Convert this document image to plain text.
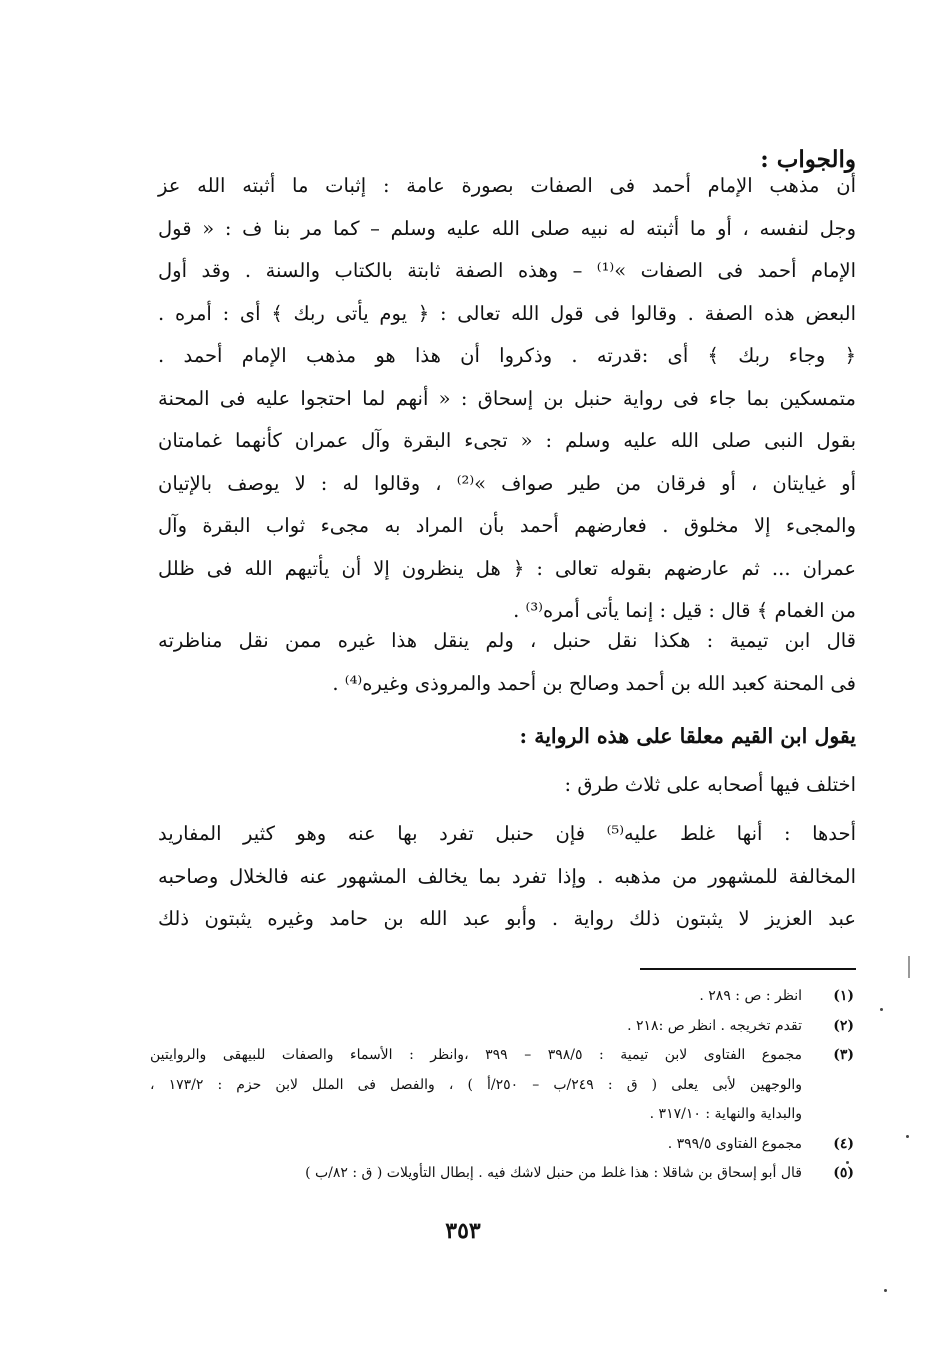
والجواب :
أن مذهب الإمام أحمد فى الصفات بصورة عامة : إثبات ما أثبته الله عز
وجل لنفسه ، أو ما أثبته له نبيه صلى الله عليه وسلم – كما مر بنا ف : « قول
الإمام أحمد فى الصفات »⁽¹⁾ – وهذه الصفة ثابتة بالكتاب والسنة . وقد أول
البعض هذه الصفة . وقالوا فى قول الله تعالى : ﴿ يوم يأتى ربك ﴾ أى : أمره .
﴿ وجاء ربك ﴾ أى :قدرته . وذكروا أن هذا هو مذهب الإمام أحمد .
متمسكين بما جاء فى رواية حنبل بن إسحاق : « أنهم لما احتجوا عليه فى المحنة
بقول النبى صلى الله عليه وسلم : « تجىء البقرة وآل عمران كأنهما غمامتان
أو غيايتان ، أو فرقان من طير صواف »⁽²⁾ ، وقالوا له : لا يوصف بالإتيان
والمجىء إلا مخلوق . فعارضهم أحمد بأن المراد به مجىء ثواب البقرة وآل
عمران ... ثم عارضهم بقوله تعالى : ﴿ هل ينظرون إلا أن يأتيهم الله فى ظلل
من الغمام ﴾ قال : قيل : إنما يأتى أمره⁽³⁾ .
قال ابن تيمية : هكذا نقل حنبل ، ولم ينقل هذا غيره ممن نقل مناظرته
فى المحنة كعبد الله بن أحمد وصالح بن أحمد والمروذى وغيره⁽⁴⁾ .
يقول ابن القيم معلقا على هذه الرواية :
اختلف فيها أصحابه على ثلاث طرق :
أحدها : أنها غلط عليه⁽⁵⁾ فإن حنبل تفرد بها عنه وهو كثير المفاريد
المخالفة للمشهور من مذهبه . وإذا تفرد بما يخالف المشهور عنه فالخلال وصاحبه
عبد العزيز لا يثبتون ذلك رواية . وأبو عبد الله بن حامد وغيره يثبتون ذلك
(١)
انظر : ص : ٢٨٩ .
(٢)
تقدم تخريجه . انظر ص :٢١٨ .
(٣)
مجموع الفتاوى لابن تيمية : ٣٩٨/٥ – ٣٩٩ ،وانظر : الأسماء والصفات للبيهقى والروايتين
والوجهين لأبى يعلى ( ق : ٢٤٩/ب – ٢٥٠/أ ) ، والفصل فى الملل لابن حزم : ١٧٣/٢ ،
والبداية والنهاية : ٣١٧/١٠ .
(٤)
مجموع الفتاوى ٣٩٩/٥ .
(٥)
قال أبو إسحاق بن شاقلا : هذا غلط من حنبل لاشك فيه . إبطال التأويلات ( ق : ٨٢/ب )
٣٥٣
